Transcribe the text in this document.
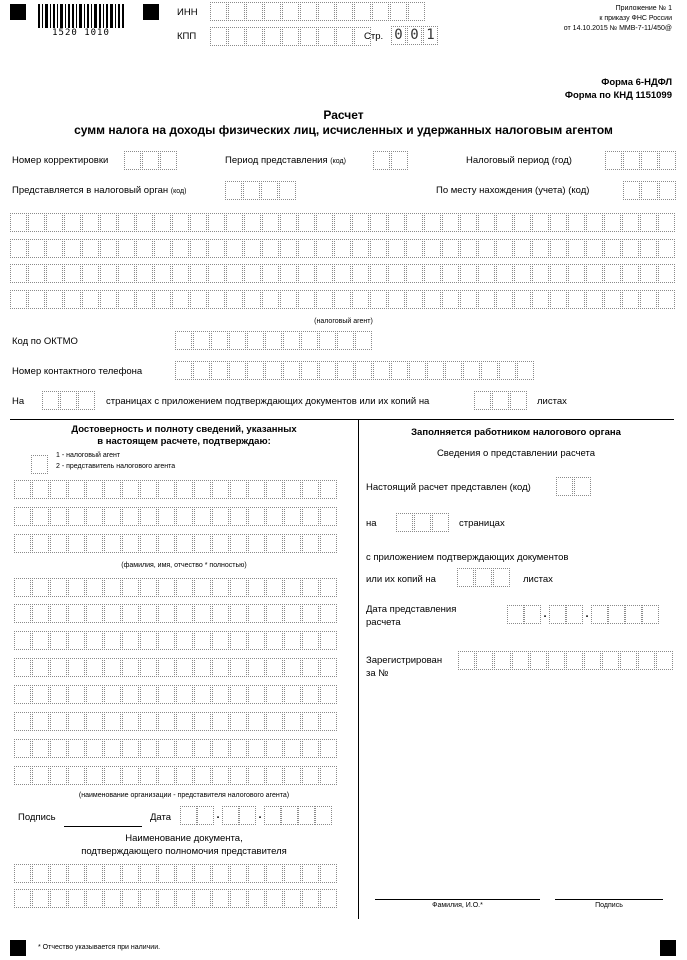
1520 1010
ИНН
КПП	Стр. 0 0 1
Приложение № 1
к приказу ФНС России
от 14.10.2015 № ММВ-7-11/450@
Форма 6-НДФЛ
Форма по КНД 1151099
Расчет
сумм налога на доходы физических лиц, исчисленных и удержанных налоговым агентом
Номер корректировки	Период представления (код)	Налоговый период (год)
Представляется в налоговый орган (код)	По месту нахождения (учета) (код)
(налоговый агент)
Код по ОКТМО
Номер контактного телефона
На	страницах с приложением подтверждающих документов или их копий на	листах
Достоверность и полноту сведений, указанных
в настоящем расчете, подтверждаю:
1 - налоговый агент
2 - представитель налогового агента
(фамилия, имя, отчество * полностью)
(наименование организации - представителя налогового агента)
Подпись	Дата	.	.
Наименование документа,
подтверждающего полномочия представителя
Заполняется работником налогового органа
Сведения о представлении расчета
Настоящий расчет представлен (код)
на	страницах
с приложением подтверждающих документов
или их копий на	листах
Дата представления
расчета
.	.
Зарегистрирован
за №
Фамилия, И.О.*	Подпись
* Отчество указывается при наличии.
